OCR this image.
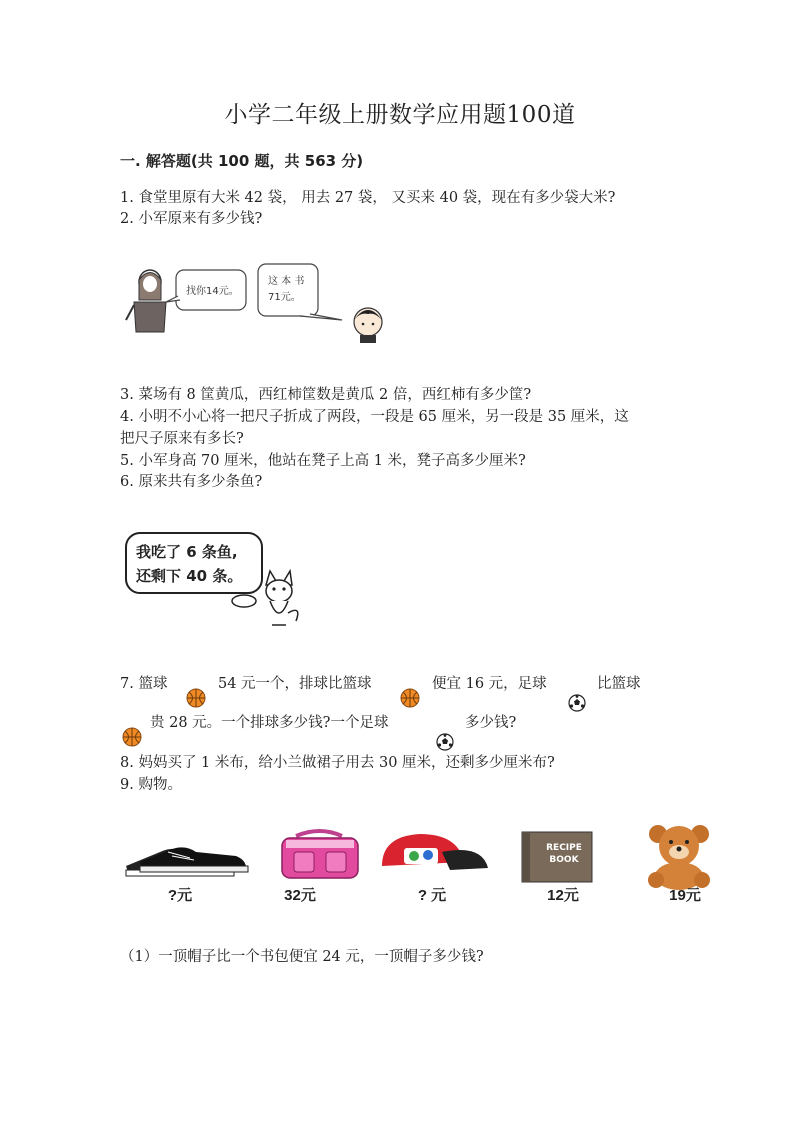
小学二年级上册数学应用题100道
一. 解答题(共 100 题，共 563 分)
1. 食堂里原有大米 42 袋， 用去 27 袋， 又买来 40 袋，现在有多少袋大米?
2. 小军原来有多少钱?
找你14元。
这 本 书
71元。
3. 菜场有 8 筐黄瓜，西红柿筐数是黄瓜 2 倍，西红柿有多少筐?
4. 小明不小心将一把尺子折成了两段，一段是 65 厘米，另一段是 35 厘米，这
把尺子原来有多长?
5. 小军身高 70 厘米，他站在凳子上高 1 米，凳子高多少厘米?
6. 原来共有多少条鱼?
我吃了 6 条鱼,
还剩下 40 条。
7. 篮球	54 元一个，排球比篮球	便宜 16 元，足球	比篮球
贵 28 元。一个排球多少钱?一个足球	多少钱?
8. 妈妈买了 1 米布，给小兰做裙子用去 30 厘米，还剩多少厘米布?
9. 购物。
RECIPE
BOOK
?元	32元	? 元	12元	19元
（1）一顶帽子比一个书包便宜 24 元，一顶帽子多少钱?
